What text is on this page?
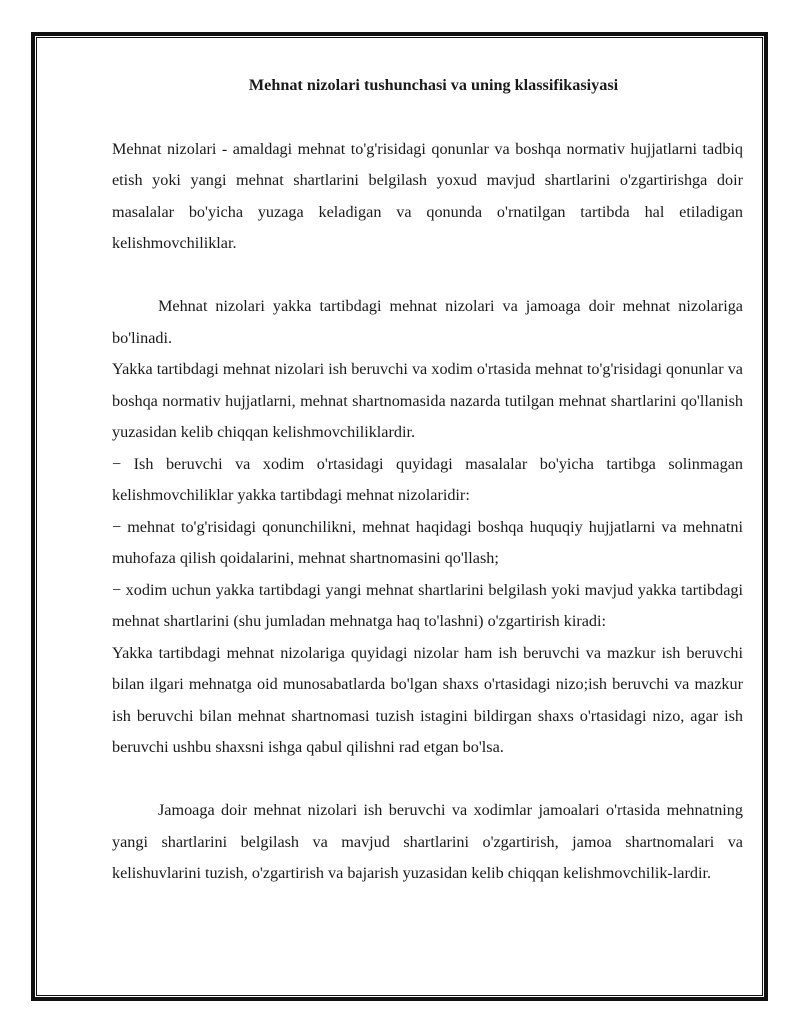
Mehnat nizolari tushunchasi va uning klassifikasiyasi

Mehnat nizolari - amaldagi mehnat to'g'risidagi qonunlar va boshqa normativ hujjatlarni tadbiq etish yoki yangi mehnat shartlarini belgilash yoxud mavjud shartlarini o'zgartirishga doir masalalar bo'yicha yuzaga keladigan va qonunda o'rnatilgan tartibda hal etiladigan kelishmovchiliklar.

Mehnat nizolari yakka tartibdagi mehnat nizolari va jamoaga doir mehnat nizolariga bo'linadi.

Yakka tartibdagi mehnat nizolari ish beruvchi va xodim o'rtasida mehnat to'g'risidagi qonunlar va boshqa normativ hujjatlarni, mehnat shartnomasida nazarda tutilgan mehnat shartlarini qo'llanish yuzasidan kelib chiqqan kelishmovchiliklardir.

− Ish beruvchi va xodim o'rtasidagi quyidagi masalalar bo'yicha tartibga solinmagan kelishmovchiliklar yakka tartibdagi mehnat nizolaridir:

− mehnat to'g'risidagi qonunchilikni, mehnat haqidagi boshqa huquqiy hujjatlarni va mehnatni muhofaza qilish qoidalarini, mehnat shartnomasini qo'llash;

− xodim uchun yakka tartibdagi yangi mehnat shartlarini belgilash yoki mavjud yakka tartibdagi mehnat shartlarini (shu jumladan mehnatga haq to'lashni) o'zgartirish kiradi:

Yakka tartibdagi mehnat nizolariga quyidagi nizolar ham ish beruvchi va mazkur ish beruvchi bilan ilgari mehnatga oid munosabatlarda bo'lgan shaxs o'rtasidagi nizo;ish beruvchi va mazkur ish beruvchi bilan mehnat shartnomasi tuzish istagini bildirgan shaxs o'rtasidagi nizo, agar ish beruvchi ushbu shaxsni ishga qabul qilishni rad etgan bo'lsa.

Jamoaga doir mehnat nizolari ish beruvchi va xodimlar jamoalari o'rtasida mehnatning yangi shartlarini belgilash va mavjud shartlarini o'zgartirish, jamoa shartnomalari va kelishuvlarini tuzish, o'zgartirish va bajarish yuzasidan kelib chiqqan kelishmovchilik-lardir.
